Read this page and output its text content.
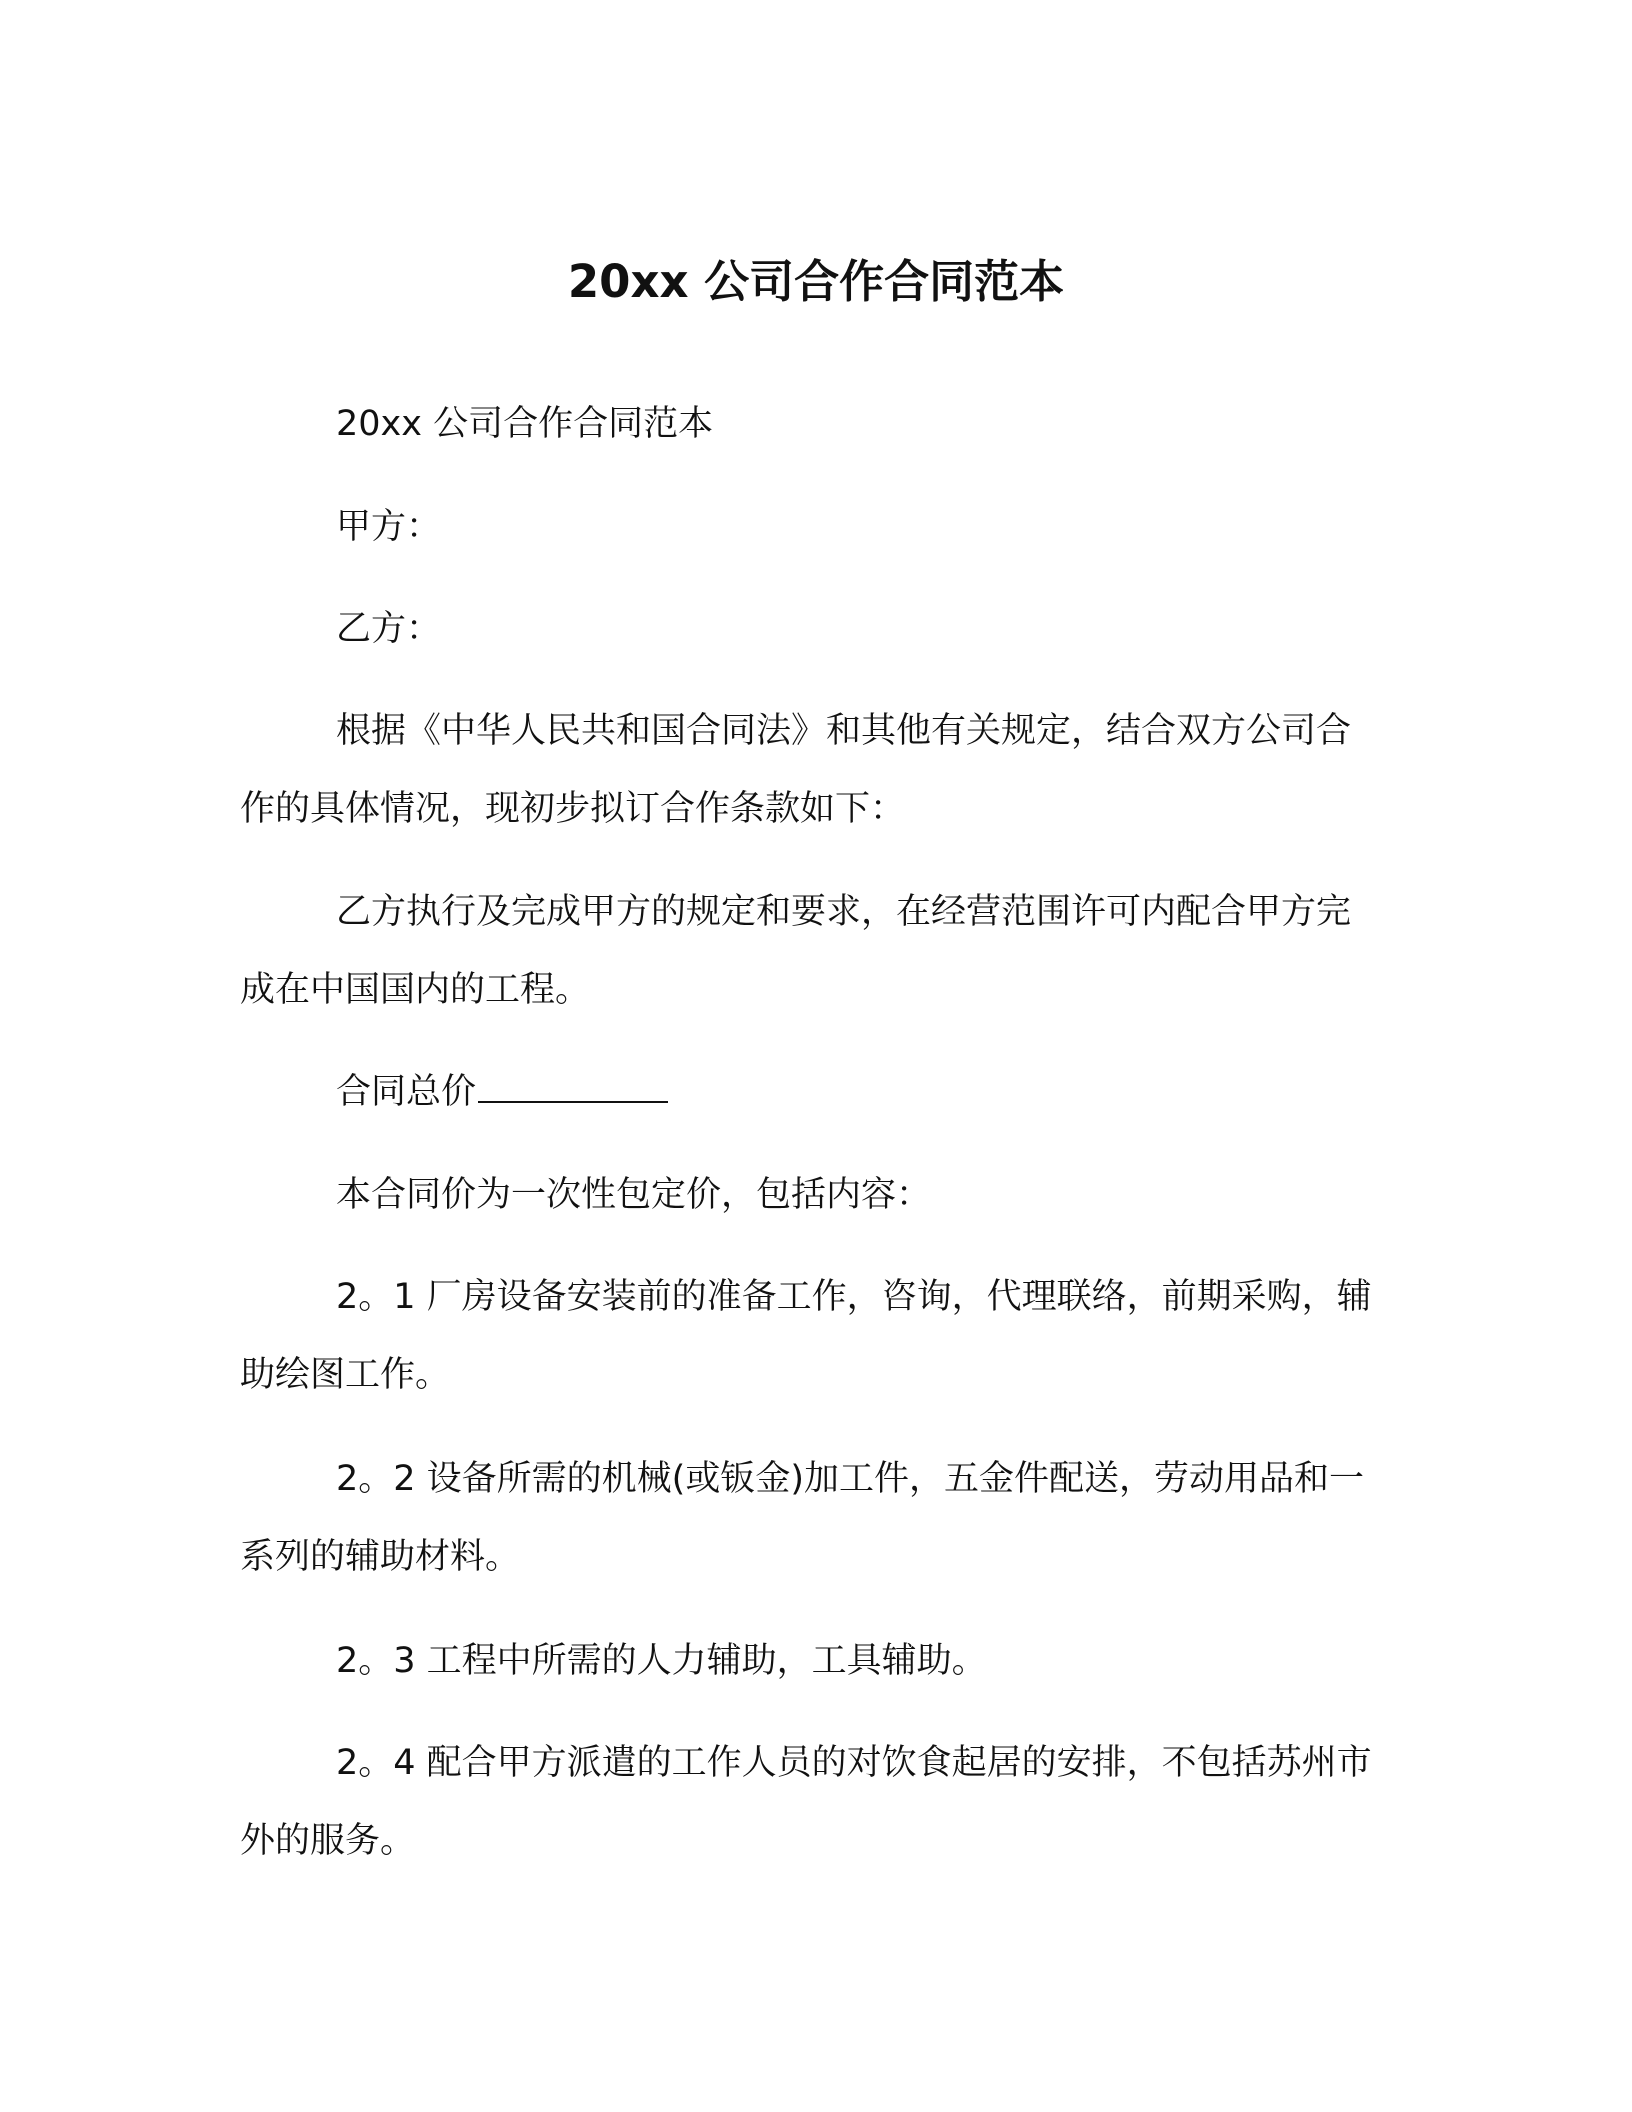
20xx 公司合作合同范本

20xx 公司合作合同范本

甲方：

乙方：

根据《中华人民共和国合同法》和其他有关规定，结合双方公司合作的具体情况，现初步拟订合作条款如下：

乙方执行及完成甲方的规定和要求，在经营范围许可内配合甲方完成在中国国内的工程。

合同总价

本合同价为一次性包定价，包括内容：

2。1 厂房设备安装前的准备工作，咨询，代理联络，前期采购，辅助绘图工作。

2。2 设备所需的机械(或钣金)加工件，五金件配送，劳动用品和一系列的辅助材料。

2。3 工程中所需的人力辅助，工具辅助。

2。4 配合甲方派遣的工作人员的对饮食起居的安排，不包括苏州市外的服务。
